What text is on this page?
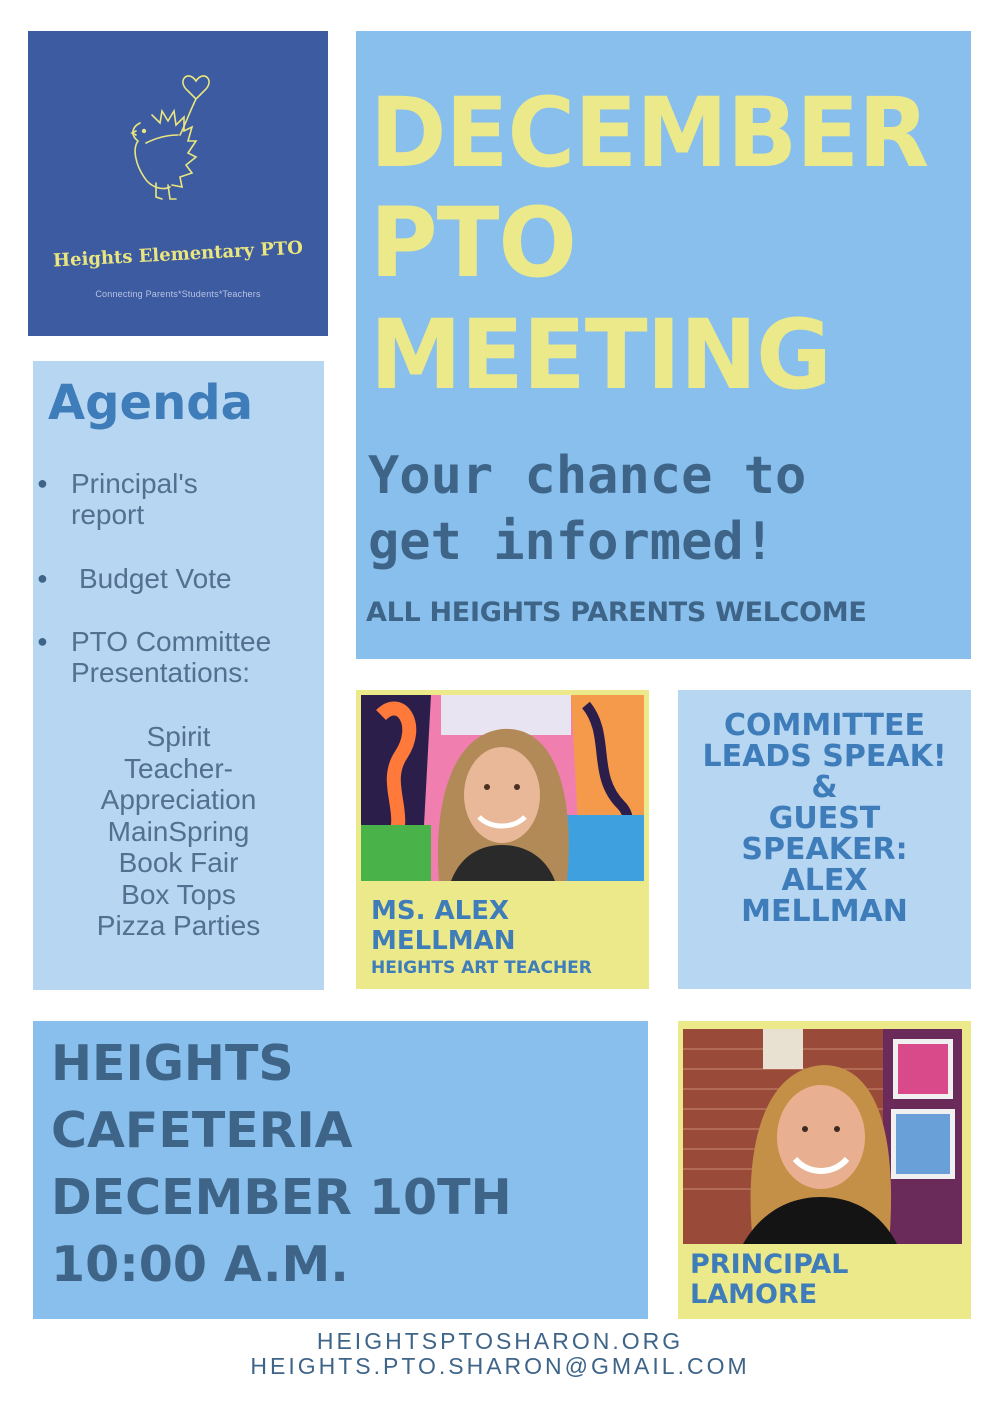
Heights Elementary PTO
Connecting Parents*Students*Teachers
DECEMBER
PTO
MEETING
Your chance to
get informed!
ALL HEIGHTS PARENTS WELCOME
Agenda
● Principal's
report
● Budget Vote
● PTO Committee
Presentations:
Spirit
Teacher-
Appreciation
MainSpring
Book Fair
Box Tops
Pizza Parties	MS. ALEX
MELLMAN
HEIGHTS ART TEACHER
COMMITTEE
LEADS SPEAK!
&
GUEST
SPEAKER:
ALEX
MELLMAN
HEIGHTS
CAFETERIA
DECEMBER 10TH
10:00 A.M.	PRINCIPAL
LAMORE
HEIGHTSPTOSHARON.ORG
HEIGHTS.PTO.SHARON@GMAIL.COM
